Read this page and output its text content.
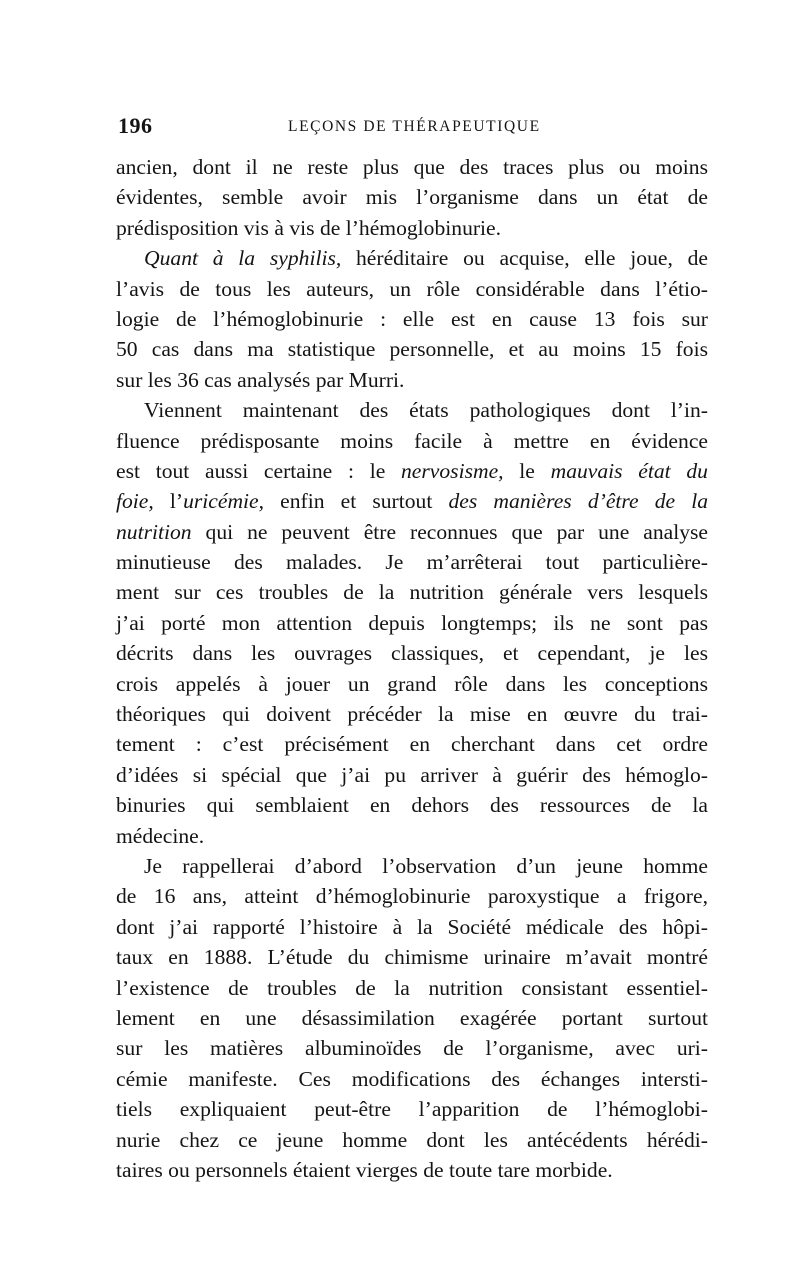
196	LEÇONS DE THÉRAPEUTIQUE
ancien, dont il ne reste plus que des traces plus ou moins
évidentes, semble avoir mis l’organisme dans un état de
prédisposition vis à vis de l’hémoglobinurie.
Quant à la syphilis, héréditaire ou acquise, elle joue, de
l’avis de tous les auteurs, un rôle considérable dans l’étio-
logie de l’hémoglobinurie : elle est en cause 13 fois sur
50 cas dans ma statistique personnelle, et au moins 15 fois
sur les 36 cas analysés par Murri.
Viennent maintenant des états pathologiques dont l’in-
fluence prédisposante moins facile à mettre en évidence
est tout aussi certaine : le nervosisme, le mauvais état du
foie, l’uricémie, enfin et surtout des manières d’être de la
nutrition qui ne peuvent être reconnues que par une analyse
minutieuse des malades. Je m’arrêterai tout particulière-
ment sur ces troubles de la nutrition générale vers lesquels
j’ai porté mon attention depuis longtemps; ils ne sont pas
décrits dans les ouvrages classiques, et cependant, je les
crois appelés à jouer un grand rôle dans les conceptions
théoriques qui doivent précéder la mise en œuvre du trai-
tement : c’est précisément en cherchant dans cet ordre
d’idées si spécial que j’ai pu arriver à guérir des hémoglo-
binuries qui semblaient en dehors des ressources de la
médecine.
Je rappellerai d’abord l’observation d’un jeune homme
de 16 ans, atteint d’hémoglobinurie paroxystique a frigore,
dont j’ai rapporté l’histoire à la Société médicale des hôpi-
taux en 1888. L’étude du chimisme urinaire m’avait montré
l’existence de troubles de la nutrition consistant essentiel-
lement en une désassimilation exagérée portant surtout
sur les matières albuminoïdes de l’organisme, avec uri-
cémie manifeste. Ces modifications des échanges intersti-
tiels expliquaient peut-être l’apparition de l’hémoglobi-
nurie chez ce jeune homme dont les antécédents hérédi-
taires ou personnels étaient vierges de toute tare morbide.
